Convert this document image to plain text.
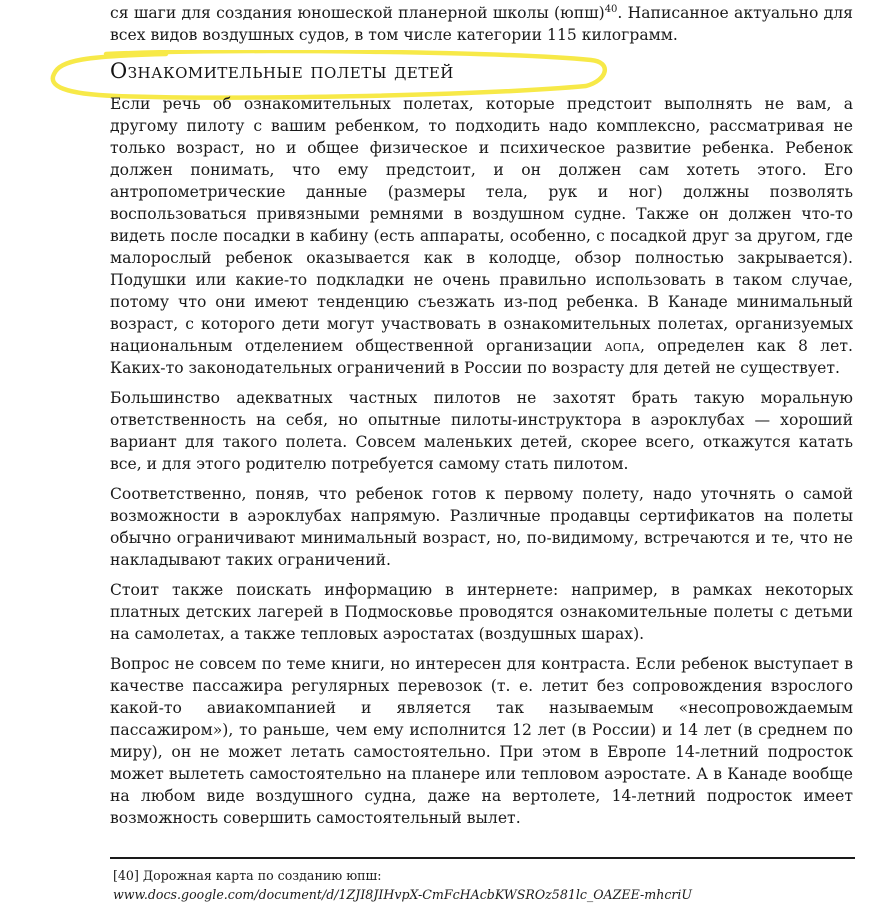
ся шаги для создания юношеской планерной школы (юпш)$^{40}$. Написанное актуально для всех видов воздушных судов, в том числе категории 115 килограмм.
Ознакомительные полеты детей

Если речь об ознакомительных полетах, которые предстоит выполнять не вам, а другому пилоту с вашим ребенком, то подходить надо комплексно, рассматривая не только возраст, но и общее физическое и психическое развитие ребенка. Ребенок должен понимать, что ему предстоит, и он должен сам хотеть этого. Его антропометрические данные (размеры тела, рук и ног) должны позволять воспользоваться привязными ремнями в воздушном судне. Также он должен что-то видеть после посадки в кабину (есть аппараты, особенно, с посадкой друг за другом, где малорослый ребенок оказывается как в колодце, обзор полностью закрывается). Подушки или какие-то подкладки не очень правильно использовать в таком случае, потому что они имеют тенденцию съезжать из-под ребенка. В Канаде минимальный возраст, с которого дети могут участвовать в ознакомительных полетах, организуемых национальным отделением общественной организации аопа, определен как 8 лет. Каких-то законодательных ограничений в России по возрасту для детей не существует.

Большинство адекватных частных пилотов не захотят брать такую моральную ответственность на себя, но опытные пилоты-инструктора в аэроклубах — хороший вариант для такого полета. Совсем маленьких детей, скорее всего, откажутся катать все, и для этого родителю потребуется самому стать пилотом.

Соответственно, поняв, что ребенок готов к первому полету, надо уточнять о самой возможности в аэроклубах напрямую. Различные продавцы сертификатов на полеты обычно ограничивают минимальный возраст, но, по-видимому, встречаются и те, что не накладывают таких ограничений.

Стоит также поискать информацию в интернете: например, в рамках некоторых платных детских лагерей в Подмосковье проводятся ознакомительные полеты с детьми на самолетах, а также тепловых аэростатах (воздушных шарах).

Вопрос не совсем по теме книги, но интересен для контраста. Если ребенок выступает в качестве пассажира регулярных перевозок (т. е. летит без сопровождения взрослого какой-то авиакомпанией и является так называемым «несопровождаемым пассажиром»), то раньше, чем ему исполнится 12 лет (в России) и 14 лет (в среднем по миру), он не может летать самостоятельно. При этом в Европе 14-летний подросток может вылететь самостоятельно на планере или тепловом аэростате. А в Канаде вообще на любом виде воздушного судна, даже на вертолете, 14-летний подросток имеет возможность совершить самостоятельный вылет.

[40] Дорожная карта по созданию юпш:
www.docs.google.com/document/d/1ZJI8JIHvpX-CmFcHAcbKWSROz581lc_OAZEE-mhcriU
